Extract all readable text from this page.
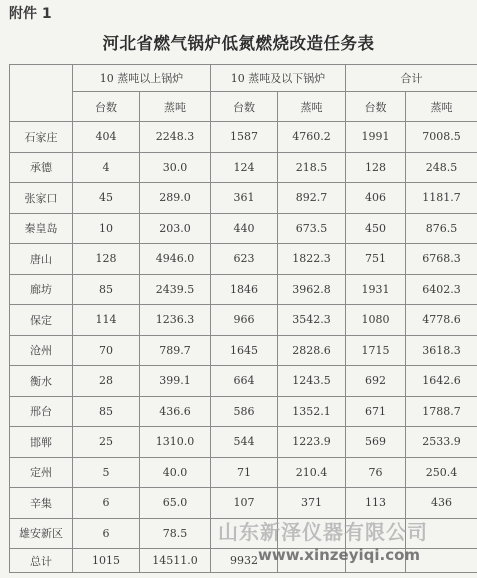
附件 1
河北省燃气锅炉低氮燃烧改造任务表
	10 蒸吨以上锅炉		10 蒸吨及以下锅炉		合计	
	台数	蒸吨	台数	蒸吨	台数	蒸吨
石家庄	404	2248.3	1587	4760.2	1991	7008.5
承德	4	30.0	124	218.5	128	248.5
张家口	45	289.0	361	892.7	406	1181.7
秦皇岛	10	203.0	440	673.5	450	876.5
唐山	128	4946.0	623	1822.3	751	6768.3
廊坊	85	2439.5	1846	3962.8	1931	6402.3
保定	114	1236.3	966	3542.3	1080	4778.6
沧州	70	789.7	1645	2828.6	1715	3618.3
衡水	28	399.1	664	1243.5	692	1642.6
邢台	85	436.6	586	1352.1	671	1788.7
邯郸	25	1310.0	544	1223.9	569	2533.9
定州	5	40.0	71	210.4	76	250.4
辛集	6	65.0	107	371	113	436
雄安新区	6	78.5				
总计	1015	14511.0	9932			
山东新泽仪器有限公司
www.xinzeyiqi.com
